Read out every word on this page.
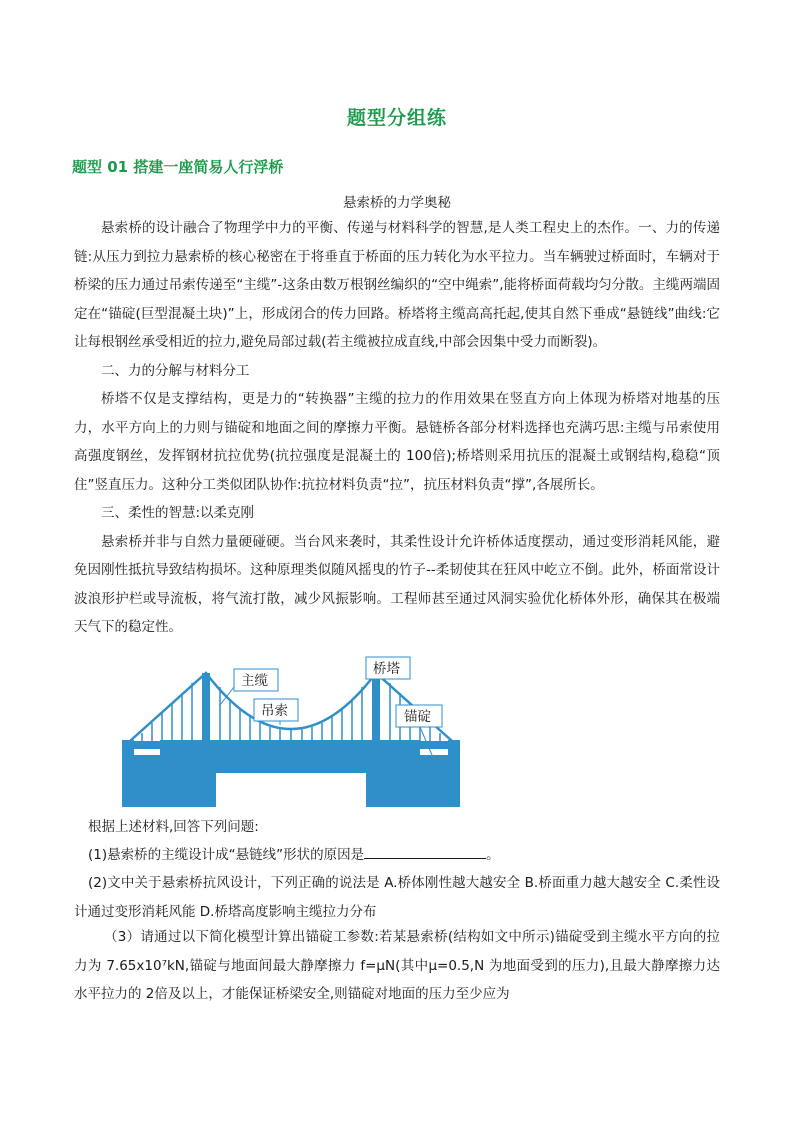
题型分组练
题型 01 搭建一座简易人行浮桥
悬索桥的力学奥秘

悬索桥的设计融合了物理学中力的平衡、传递与材料科学的智慧,是人类工程史上的杰作。一、力的传递链:从压力到拉力悬索桥的核心秘密在于将垂直于桥面的压力转化为水平拉力。当车辆驶过桥面时，车辆对于桥梁的压力通过吊索传递至“主缆”-这条由数万根钢丝编织的“空中绳索”,能将桥面荷载均匀分散。主缆两端固定在“锚碇(巨型混凝土块)”上，形成闭合的传力回路。桥塔将主缆高高托起,使其自然下垂成“悬链线”曲线:它让每根钢丝承受相近的拉力,避免局部过载(若主缆被拉成直线,中部会因集中受力而断裂)。

二、力的分解与材料分工

桥塔不仅是支撑结构，更是力的“转换器”主缆的拉力的作用效果在竖直方向上体现为桥塔对地基的压力，水平方向上的力则与锚碇和地面之间的摩擦力平衡。悬链桥各部分材料选择也充满巧思:主缆与吊索使用高强度钢丝，发挥钢材抗拉优势(抗拉强度是混凝土的 100倍);桥塔则采用抗压的混凝土或钢结构,稳稳“顶住”竖直压力。这种分工类似团队协作:抗拉材料负责“拉”，抗压材料负责“撑”,各展所长。

三、柔性的智慧:以柔克刚

悬索桥并非与自然力量硬碰硬。当台风来袭时，其柔性设计允许桥体适度摆动，通过变形消耗风能，避免因刚性抵抗导致结构损坏。这种原理类似随风摇曳的竹子--柔韧使其在狂风中屹立不倒。此外，桥面常设计波浪形护栏或导流板，将气流打散，减少风振影响。工程师甚至通过风洞实验优化桥体外形，确保其在极端天气下的稳定性。

主缆
桥塔
吊索	锚碇
根据上述材料,回答下列问题:

(1)悬索桥的主缆设计成“悬链线”形状的原因是	。

(2)文中关于悬索桥抗风设计，下列正确的说法是 A.桥体刚性越大越安全 B.桥面重力越大越安全 C.柔性设计通过变形消耗风能 D.桥塔高度影响主缆拉力分布

（3）请通过以下简化模型计算出锚碇工参数:若某悬索桥(结构如文中所示)锚碇受到主缆水平方向的拉力为 7.65x10⁷kN,锚碇与地面间最大静摩擦力 f=μN(其中μ=0.5,N 为地面受到的压力),且最大静摩擦力达水平拉力的 2倍及以上，才能保证桥梁安全,则锚碇对地面的压力至少应为
